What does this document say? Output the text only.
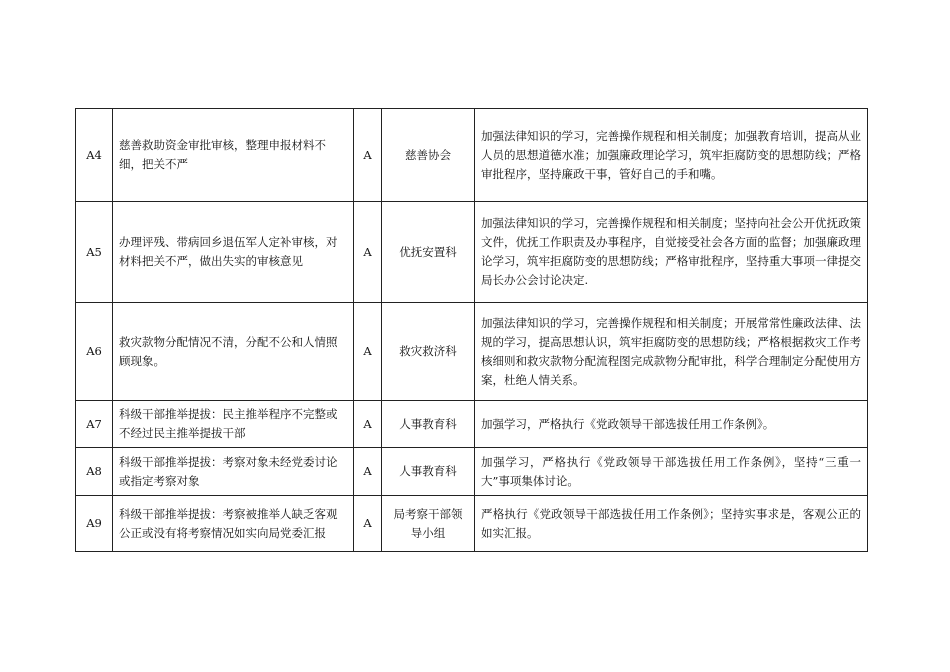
A4	慈善救助资金审批审核，整理申报材料不细，把关不严	A	慈善协会	加强法律知识的学习，完善操作规程和相关制度；加强教育培训，提高从业人员的思想道德水准；加强廉政理论学习，筑牢拒腐防变的思想防线；严格审批程序，坚持廉政干事，管好自己的手和嘴。
A5	办理评残、带病回乡退伍军人定补审核，对材料把关不严，做出失实的审核意见	A	优抚安置科	加强法律知识的学习，完善操作规程和相关制度；坚持向社会公开优抚政策文件，优抚工作职责及办事程序，自觉接受社会各方面的监督；加强廉政理论学习，筑牢拒腐防变的思想防线；严格审批程序，坚持重大事项一律提交局长办公会讨论决定.
A6	救灾款物分配情况不清，分配不公和人情照顾现象。	A	救灾救济科	加强法律知识的学习，完善操作规程和相关制度；开展常常性廉政法律、法规的学习，提高思想认识，筑牢拒腐防变的思想防线；严格根据救灾工作考核细则和救灾款物分配流程图完成款物分配审批，科学合理制定分配使用方案，杜绝人情关系。
A7	科级干部推举提拔：民主推举程序不完整或不经过民主推举提拔干部	A	人事教育科	加强学习，严格执行《党政领导干部选拔任用工作条例》。
A8	科级干部推举提拔：考察对象未经党委讨论或指定考察对象	A	人事教育科	加强学习，严格执行《党政领导干部选拔任用工作条例》，坚持“三重一大”事项集体讨论。
A9	科级干部推举提拔：考察被推举人缺乏客观公正或没有将考察情况如实向局党委汇报	A	局考察干部领导小组	严格执行《党政领导干部选拔任用工作条例》；坚持实事求是，客观公正的如实汇报。
